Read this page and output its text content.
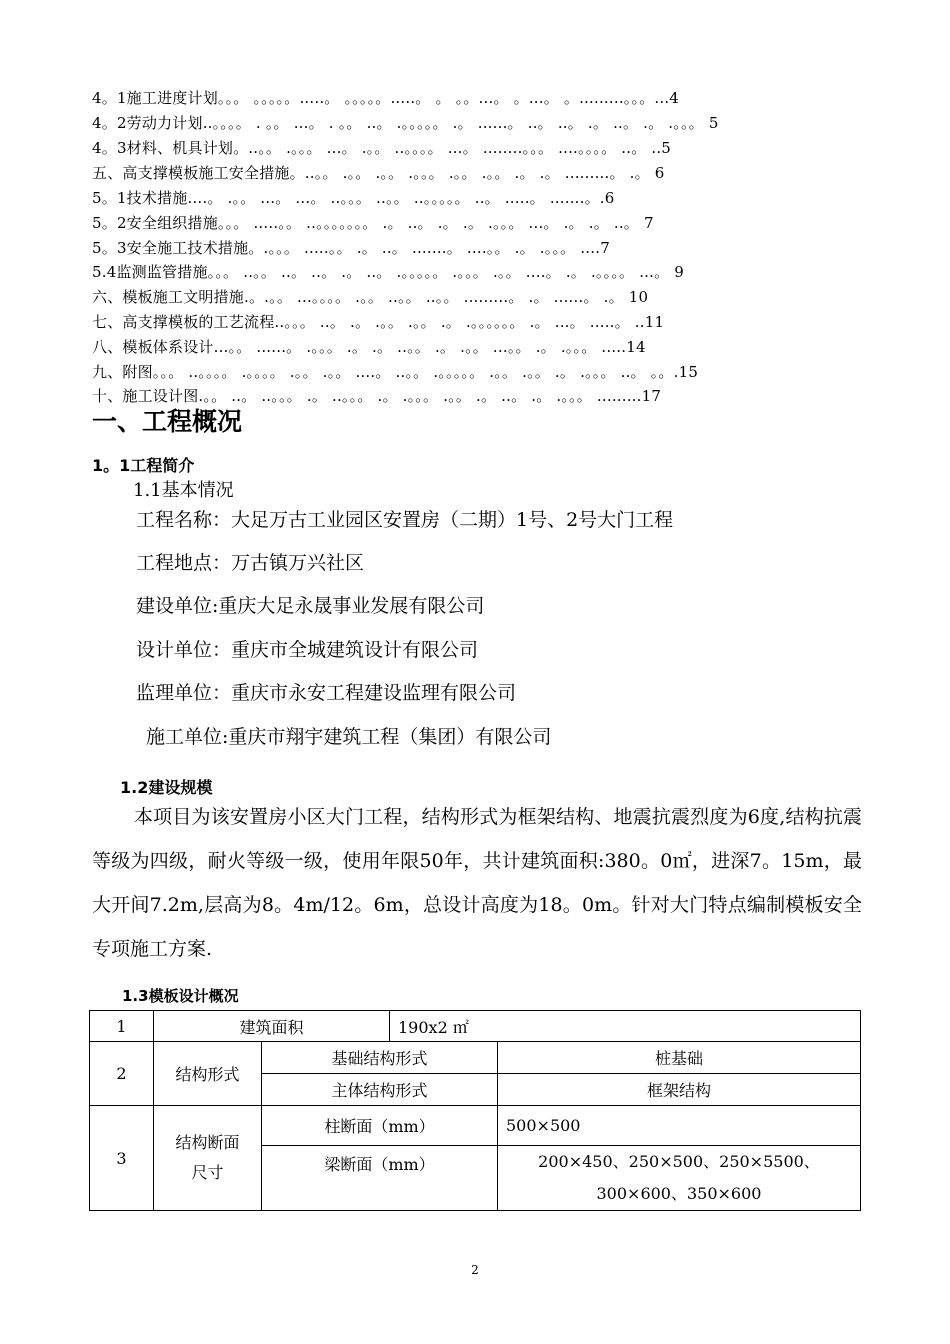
4。1施工进度计划。。。 。。。。。.....。 。。。。。.....。 。 。。...。 。...。 。.........。。。...4
4。2劳动力计划..。。。。 . 。。 ...。 . 。。 ..。 .。。。。。 .。 ......。 ..。 ..。 .。 ..。 .。 .。。。 5
4。3材料、机具计划。..。。 .。。。 ...。 .。。 ..。。。。 ...。 ........。。。 ....。。。。 ..。 ..5
五、高支撑模板施工安全措施。..。。 .。。 .。。 .。。。 .。。 .。。 .。 .。 .........。 .。 6
5。1技术措施....。 .。。 ...。 ...。 ..。。。 ..。。 ..。。。。。 ..。 .....。 .......。.6
5。2安全组织措施。。。 .....。。 ..。。。。。。。 .。 ..。 .。 .。 .。。。 ...。 .。 .。 ..。 7
5。3安全施工技术措施。.。。。 .....。。 .。 ..。 .......。 ....。。 .。 .。。。 ....7
5.4监测监管措施。。。 ..。。 ..。 ..。 .。 ..。 .。。。。。 .。。。 .。。 ....。 .。 .。。。。 ...。 9
六、模板施工文明措施.。.。。 ...。。。。 .。。 ..。。 ..。。 .........。 .。 ......。 .。 10
七、高支撑模板的工艺流程..。。。 ..。 .。 .。。 .。。 .。 .。。。。。。 .。 ...。 .....。 ..11
八、模板体系设计...。。 ......。 .。。。 .。 .。 ..。。 .。 .。。 ...。。 .。 .。。。 .....14
九、附图。。。 ..。。。。 .。。。。 .。。 .。。 ....。 ..。。 .。。。。。 .。。 .。。 .。 .。。。 ..。 。。.15
十、施工设计图.。。 ..。 ..。。。 .。 ..。。。 .。 .。。。 .。。 .。 ..。 .。 .。。。 .........17
一、工程概况
1。1工程简介
1.1基本情况
工程名称：大足万古工业园区安置房（二期）1号、2号大门工程
工程地点：万古镇万兴社区
建设单位:重庆大足永晟事业发展有限公司
设计单位：重庆市全城建筑设计有限公司
监理单位：重庆市永安工程建设监理有限公司
施工单位:重庆市翔宇建筑工程（集团）有限公司
1.2建设规模
本项目为该安置房小区大门工程，结构形式为框架结构、地震抗震烈度为6度,结构抗震等级为四级，耐火等级一级，使用年限50年，共计建筑面积:380。0㎡，进深7。15m，最大开间7.2m,层高为8。4m/12。6m，总设计高度为18。0m。针对大门特点编制模板安全专项施工方案.
1.3模板设计概况
1	建筑面积		190x2 ㎡	
2	结构形式	基础结构形式		桩基础
		主体结构形式		框架结构
3	结构断面
尺寸	柱断面（mm）		500×500
		梁断面（mm）		200×450、250×500、250×5500、
300×600、350×600
2
